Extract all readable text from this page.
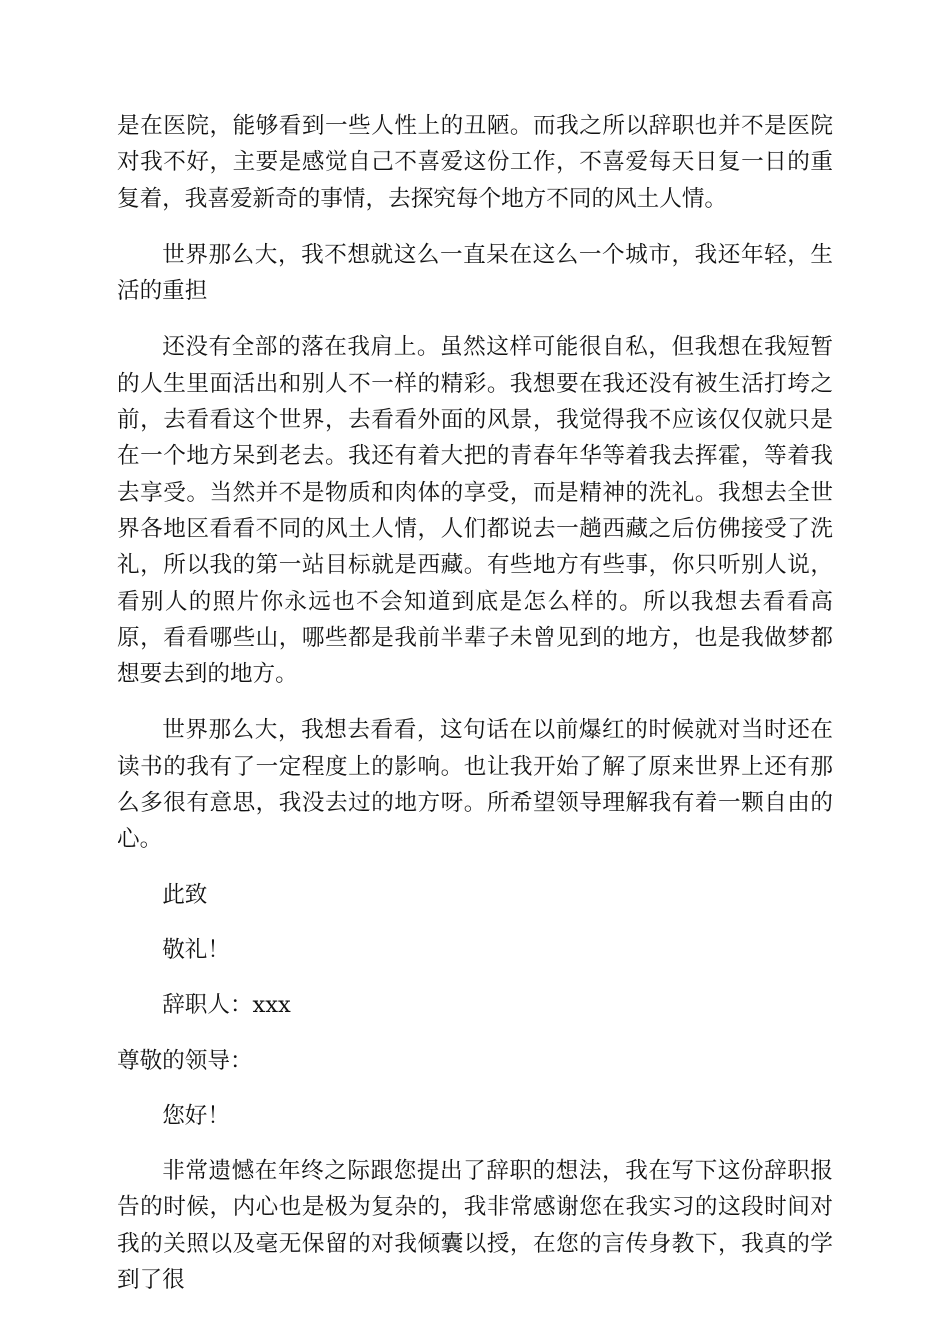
是在医院，能够看到一些人性上的丑陋。而我之所以辞职也并不是医院对我不好，主要是感觉自己不喜爱这份工作，不喜爱每天日复一日的重复着，我喜爱新奇的事情，去探究每个地方不同的风土人情。

世界那么大，我不想就这么一直呆在这么一个城市，我还年轻，生活的重担

还没有全部的落在我肩上。虽然这样可能很自私，但我想在我短暂的人生里面活出和别人不一样的精彩。我想要在我还没有被生活打垮之前，去看看这个世界，去看看外面的风景，我觉得我不应该仅仅就只是在一个地方呆到老去。我还有着大把的青春年华等着我去挥霍，等着我去享受。当然并不是物质和肉体的享受，而是精神的洗礼。我想去全世界各地区看看不同的风土人情，人们都说去一趟西藏之后仿佛接受了洗礼，所以我的第一站目标就是西藏。有些地方有些事，你只听别人说，看别人的照片你永远也不会知道到底是怎么样的。所以我想去看看高原，看看哪些山，哪些都是我前半辈子未曾见到的地方，也是我做梦都想要去到的地方。

世界那么大，我想去看看，这句话在以前爆红的时候就对当时还在读书的我有了一定程度上的影响。也让我开始了解了原来世界上还有那么多很有意思，我没去过的地方呀。所希望领导理解我有着一颗自由的心。

此致

敬礼！

辞职人：xxx

尊敬的领导：

您好！

非常遗憾在年终之际跟您提出了辞职的想法，我在写下这份辞职报告的时候，内心也是极为复杂的，我非常感谢您在我实习的这段时间对我的关照以及毫无保留的对我倾囊以授，在您的言传身教下，我真的学到了很
